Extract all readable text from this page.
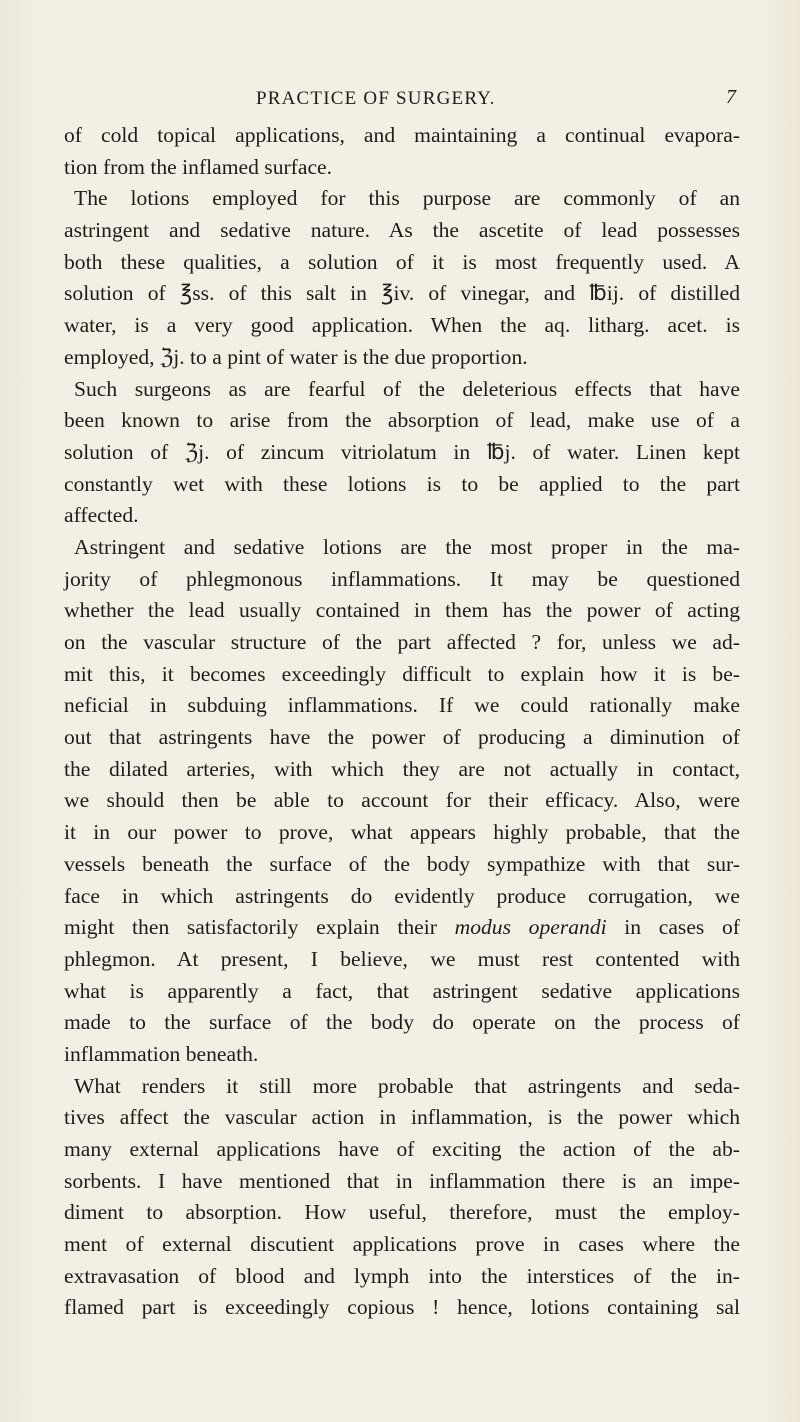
PRACTICE OF SURGERY.	7
of cold topical applications, and maintaining a continual evapora-
tion from the inflamed surface.
The lotions employed for this purpose are commonly of an
astringent and sedative nature. As the ascetite of lead possesses
both these qualities, a solution of it is most frequently used. A
solution of ℥ss. of this salt in ℥iv. of vinegar, and ℔ij. of distilled
water, is a very good application. When the aq. litharg. acet. is
employed, ℨj. to a pint of water is the due proportion.
Such surgeons as are fearful of the deleterious effects that have
been known to arise from the absorption of lead, make use of a
solution of ℨj. of zincum vitriolatum in ℔j. of water. Linen kept
constantly wet with these lotions is to be applied to the part
affected.
Astringent and sedative lotions are the most proper in the ma-
jority of phlegmonous inflammations. It may be questioned
whether the lead usually contained in them has the power of acting
on the vascular structure of the part affected ? for, unless we ad-
mit this, it becomes exceedingly difficult to explain how it is be-
neficial in subduing inflammations. If we could rationally make
out that astringents have the power of producing a diminution of
the dilated arteries, with which they are not actually in contact,
we should then be able to account for their efficacy. Also, were
it in our power to prove, what appears highly probable, that the
vessels beneath the surface of the body sympathize with that sur-
face in which astringents do evidently produce corrugation, we
might then satisfactorily explain their modus operandi in cases of
phlegmon. At present, I believe, we must rest contented with
what is apparently a fact, that astringent sedative applications
made to the surface of the body do operate on the process of
inflammation beneath.
What renders it still more probable that astringents and seda-
tives affect the vascular action in inflammation, is the power which
many external applications have of exciting the action of the ab-
sorbents. I have mentioned that in inflammation there is an impe-
diment to absorption. How useful, therefore, must the employ-
ment of external discutient applications prove in cases where the
extravasation of blood and lymph into the interstices of the in-
flamed part is exceedingly copious ! hence, lotions containing sal
